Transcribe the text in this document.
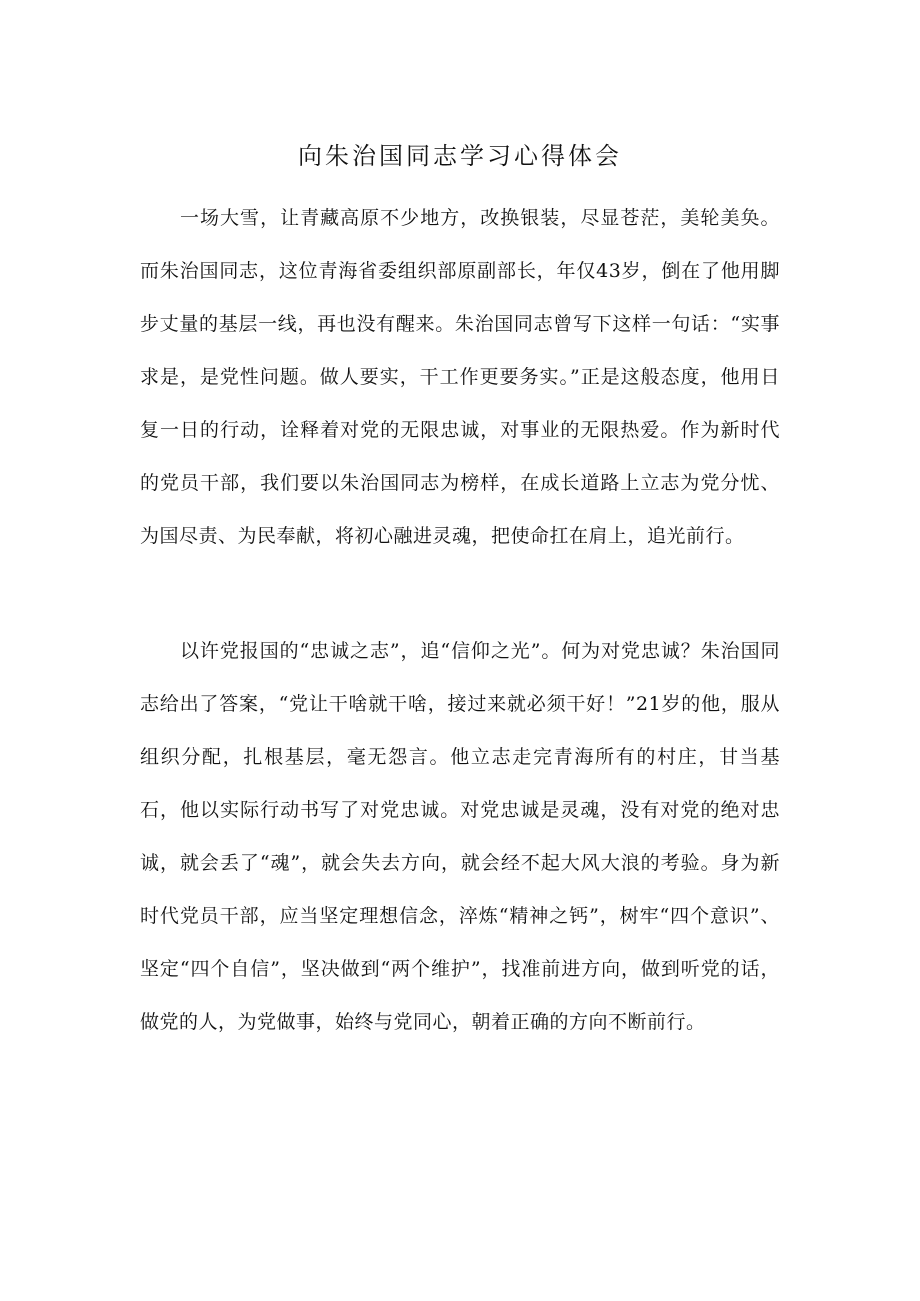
向朱治国同志学习心得体会

一场大雪，让青藏高原不少地方，改换银装，尽显苍茫，美轮美奂。而朱治国同志，这位青海省委组织部原副部长，年仅43岁，倒在了他用脚步丈量的基层一线，再也没有醒来。朱治国同志曾写下这样一句话：“实事求是，是党性问题。做人要实，干工作更要务实。”正是这般态度，他用日复一日的行动，诠释着对党的无限忠诚，对事业的无限热爱。作为新时代的党员干部，我们要以朱治国同志为榜样，在成长道路上立志为党分忧、为国尽责、为民奉献，将初心融进灵魂，把使命扛在肩上，追光前行。

以许党报国的“忠诚之志”，追“信仰之光”。何为对党忠诚？朱治国同志给出了答案，“党让干啥就干啥，接过来就必须干好！”21岁的他，服从组织分配，扎根基层，毫无怨言。他立志走完青海所有的村庄，甘当基石，他以实际行动书写了对党忠诚。对党忠诚是灵魂，没有对党的绝对忠诚，就会丢了“魂”，就会失去方向，就会经不起大风大浪的考验。身为新时代党员干部，应当坚定理想信念，淬炼“精神之钙”，树牢“四个意识”、坚定“四个自信”，坚决做到“两个维护”，找准前进方向，做到听党的话，做党的人，为党做事，始终与党同心，朝着正确的方向不断前行。
